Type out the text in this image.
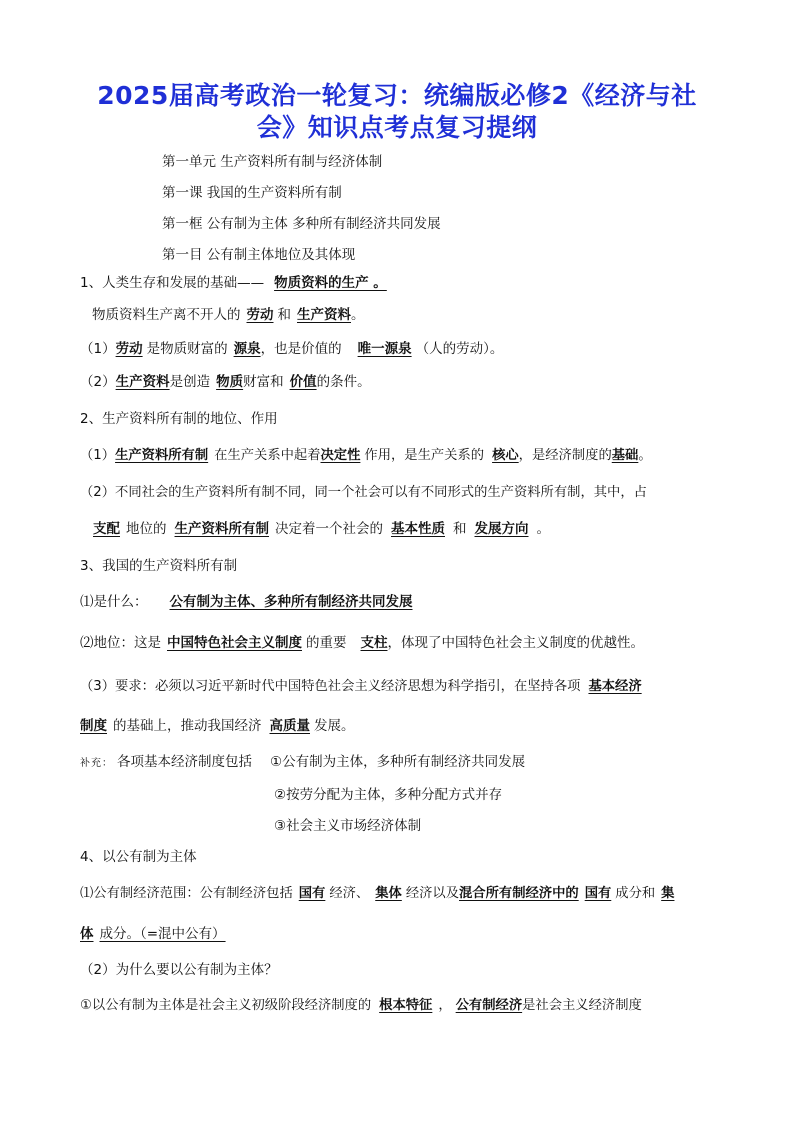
2025届高考政治一轮复习：统编版必修2《经济与社
会》知识点考点复习提纲
第一单元 生产资料所有制与经济体制
第一课 我国的生产资料所有制
第一框 公有制为主体 多种所有制经济共同发展
第一目 公有制主体地位及其体现
1、人类生存和发展的基础—— 物质资料的生产 。
物质资料生产离不开人的 劳动 和 生产资料。
（1）劳动 是物质财富的 源泉，也是价值的 唯一源泉 （人的劳动）。
（2）生产资料是创造 物质财富和 价值的条件。
2、生产资料所有制的地位、作用
（1）生产资料所有制 在生产关系中起着决定性 作用，是生产关系的 核心，是经济制度的基础。
（2）不同社会的生产资料所有制不同，同一个社会可以有不同形式的生产资料所有制，其中，占
支配 地位的 生产资料所有制 决定着一个社会的 基本性质 和 发展方向 。
3、我国的生产资料所有制
⑴是什么： 公有制为主体、多种所有制经济共同发展
⑵地位：这是 中国特色社会主义制度 的重要 支柱，体现了中国特色社会主义制度的优越性。
（3）要求：必须以习近平新时代中国特色社会主义经济思想为科学指引，在坚持各项 基本经济
制度 的基础上，推动我国经济 高质量 发展。
补充： 各项基本经济制度包括 ①公有制为主体，多种所有制经济共同发展
②按劳分配为主体，多种分配方式并存
③社会主义市场经济体制
4、以公有制为主体
⑴公有制经济范围：公有制经济包括 国有 经济、 集体 经济以及混合所有制经济中的 国有 成分和 集
体 成分。（=混中公有）
（2）为什么要以公有制为主体？
①以公有制为主体是社会主义初级阶段经济制度的 根本特征 ， 公有制经济是社会主义经济制度
